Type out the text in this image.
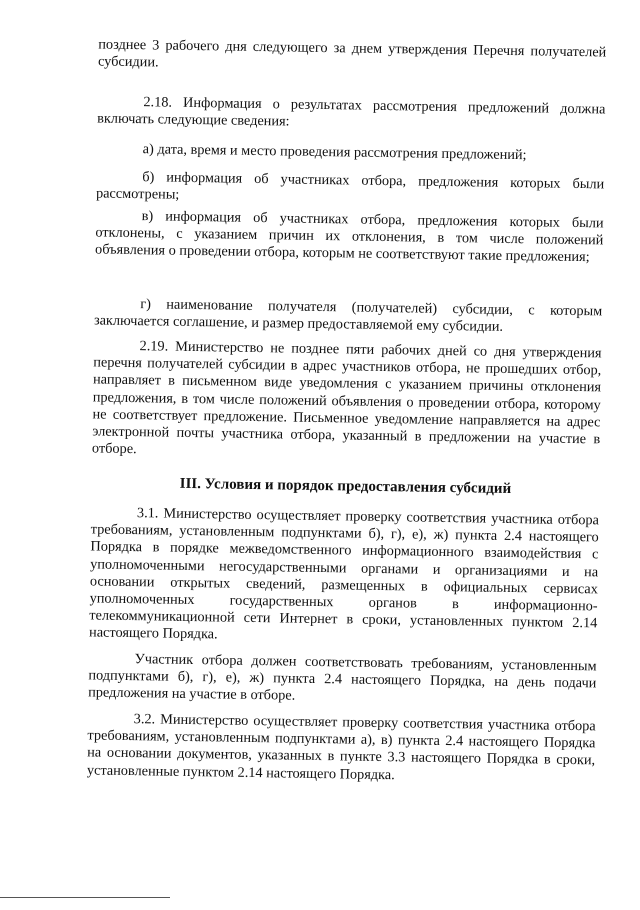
позднее 3 рабочего дня следующего за днем утверждения Перечня получателей субсидии.

2.18. Информация о результатах рассмотрения предложений должна включать следующие сведения:

а) дата, время и место проведения рассмотрения предложений;

б) информация об участниках отбора, предложения которых были рассмотрены;

в) информация об участниках отбора, предложения которых были отклонены, с указанием причин их отклонения, в том числе положений объявления о проведении отбора, которым не соответствуют такие предложения;

г) наименование получателя (получателей) субсидии, с которым заключается соглашение, и размер предоставляемой ему субсидии.

2.19. Министерство не позднее пяти рабочих дней со дня утверждения перечня получателей субсидии в адрес участников отбора, не прошедших отбор, направляет в письменном виде уведомления с указанием причины отклонения предложения, в том числе положений объявления о проведении отбора, которому не соответствует предложение. Письменное уведомление направляется на адрес электронной почты участника отбора, указанный в предложении на участие в отборе.

III. Условия и порядок предоставления субсидий

3.1. Министерство осуществляет проверку соответствия участника отбора требованиям, установленным подпунктами б), г), е), ж) пункта 2.4 настоящего Порядка в порядке межведомственного информационного взаимодействия с уполномоченными негосударственными органами и организациями и на основании открытых сведений, размещенных в официальных сервисах уполномоченных государственных органов в информационно-телекоммуникационной сети Интернет в сроки, установленных пунктом 2.14 настоящего Порядка.

Участник отбора должен соответствовать требованиям, установленным подпунктами б), г), е), ж) пункта 2.4 настоящего Порядка, на день подачи предложения на участие в отборе.

3.2. Министерство осуществляет проверку соответствия участника отбора требованиям, установленным подпунктами а), в) пункта 2.4 настоящего Порядка на основании документов, указанных в пункте 3.3 настоящего Порядка в сроки, установленные пунктом 2.14 настоящего Порядка.
